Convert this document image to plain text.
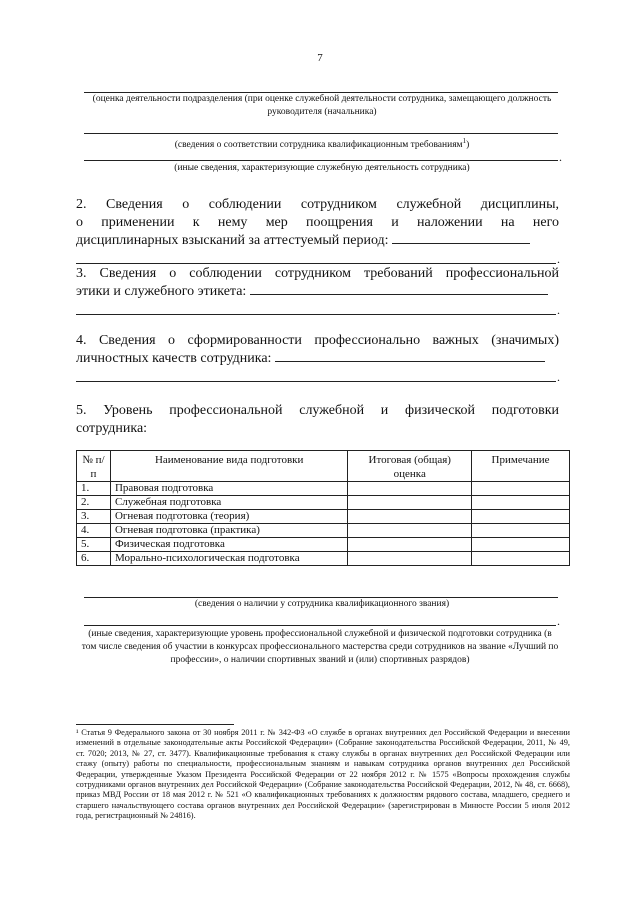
7
(оценка деятельности подразделения (при оценке служебной деятельности сотрудника, замещающего должность руководителя (начальника)
(сведения о соответствии сотрудника квалификационным требованиям$^1$)
.
(иные сведения, характеризующие служебную деятельность сотрудника)
2. Сведения о соблюдении сотрудником служебной дисциплины,
о применении к нему мер поощрения и наложении на него
дисциплинарных взысканий за аттестуемый период:
.
3. Сведения о соблюдении сотрудником требований профессиональной
этики и служебного этикета:
.
4. Сведения о сформированности профессионально важных (значимых)
личностных качеств сотрудника:
.
5. Уровень профессиональной служебной и физической подготовки
сотрудника:
№ п/п	Наименование вида подготовки	Итоговая (общая) оценка	Примечание
1.	Правовая подготовка		
2.	Служебная подготовка		
3.	Огневая подготовка (теория)		
4.	Огневая подготовка (практика)		
5.	Физическая подготовка		
6.	Морально-психологическая подготовка		
(сведения о наличии у сотрудника квалификационного звания)
.
(иные сведения, характеризующие уровень профессиональной служебной и физической подготовки сотрудника (в том числе сведения об участии в конкурсах профессионального мастерства среди сотрудников на звание «Лучший по профессии», о наличии спортивных званий и (или) спортивных разрядов)
¹ Статья 9 Федерального закона от 30 ноября 2011 г. № 342-ФЗ «О службе в органах внутренних дел Российской Федерации и внесении изменений в отдельные законодательные акты Российской Федерации» (Собрание законодательства Российской Федерации, 2011, № 49, ст. 7020; 2013, № 27, ст. 3477). Квалификационные требования к стажу службы в органах внутренних дел Российской Федерации или стажу (опыту) работы по специальности, профессиональным знаниям и навыкам сотрудника органов внутренних дел Российской Федерации, утвержденные Указом Президента Российской Федерации от 22 ноября 2012 г. № 1575 «Вопросы прохождения службы сотрудниками органов внутренних дел Российской Федерации» (Собрание законодательства Российской Федерации, 2012, № 48, ст. 6668), приказ МВД России от 18 мая 2012 г. № 521 «О квалификационных требованиях к должностям рядового состава, младшего, среднего и старшего начальствующего состава органов внутренних дел Российской Федерации» (зарегистрирован в Минюсте России 5 июля 2012 года, регистрационный № 24816).
